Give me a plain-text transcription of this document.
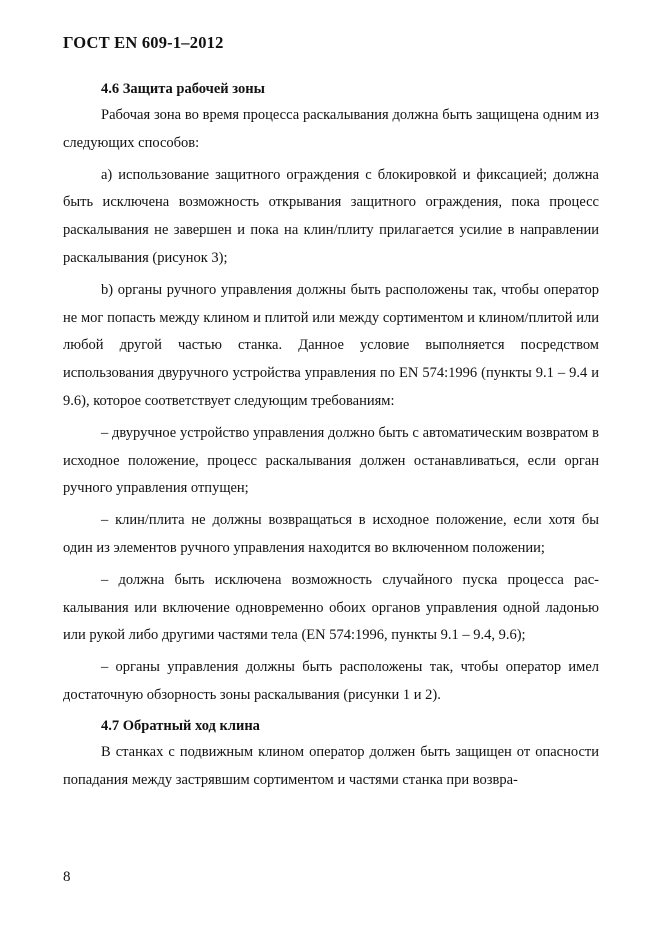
ГОСТ EN 609-1–2012
4.6 Защита рабочей зоны

Рабочая зона во время процесса раскалывания должна быть защищена одним из следующих способов:

a) использование защитного ограждения с блокировкой и фиксацией; должна быть исключена возможность открывания защитного ограждения, пока процесс раскалывания не завершен и пока на клин/плиту прилагается усилие в направлении раскалывания (рисунок 3);

b) органы ручного управления должны быть расположены так, чтобы оператор не мог попасть между клином и плитой или между сортиментом и клином/плитой или любой другой частью станка. Данное условие выполняется посредством использования двуручного устройства управления по EN 574:1996 (пункты 9.1 – 9.4 и 9.6), которое соответствует следующим требованиям:

– двуручное устройство управления должно быть с автоматическим возвратом в исходное положение, процесс раскалывания должен останавливаться, если орган ручного управления отпущен;

– клин/плита не должны возвращаться в исходное положение, если хотя бы один из элементов ручного управления находится во включенном положении;

– должна быть исключена возможность случайного пуска процесса раскалывания или включение одновременно обоих органов управления одной ладонью или рукой либо другими частями тела (EN 574:1996, пункты 9.1 – 9.4, 9.6);

– органы управления должны быть расположены так, чтобы оператор имел достаточную обзорность зоны раскалывания (рисунки 1 и 2).

4.7 Обратный ход клина

В станках с подвижным клином оператор должен быть защищен от опасности попадания между застрявшим сортиментом и частями станка при возвра-

8
